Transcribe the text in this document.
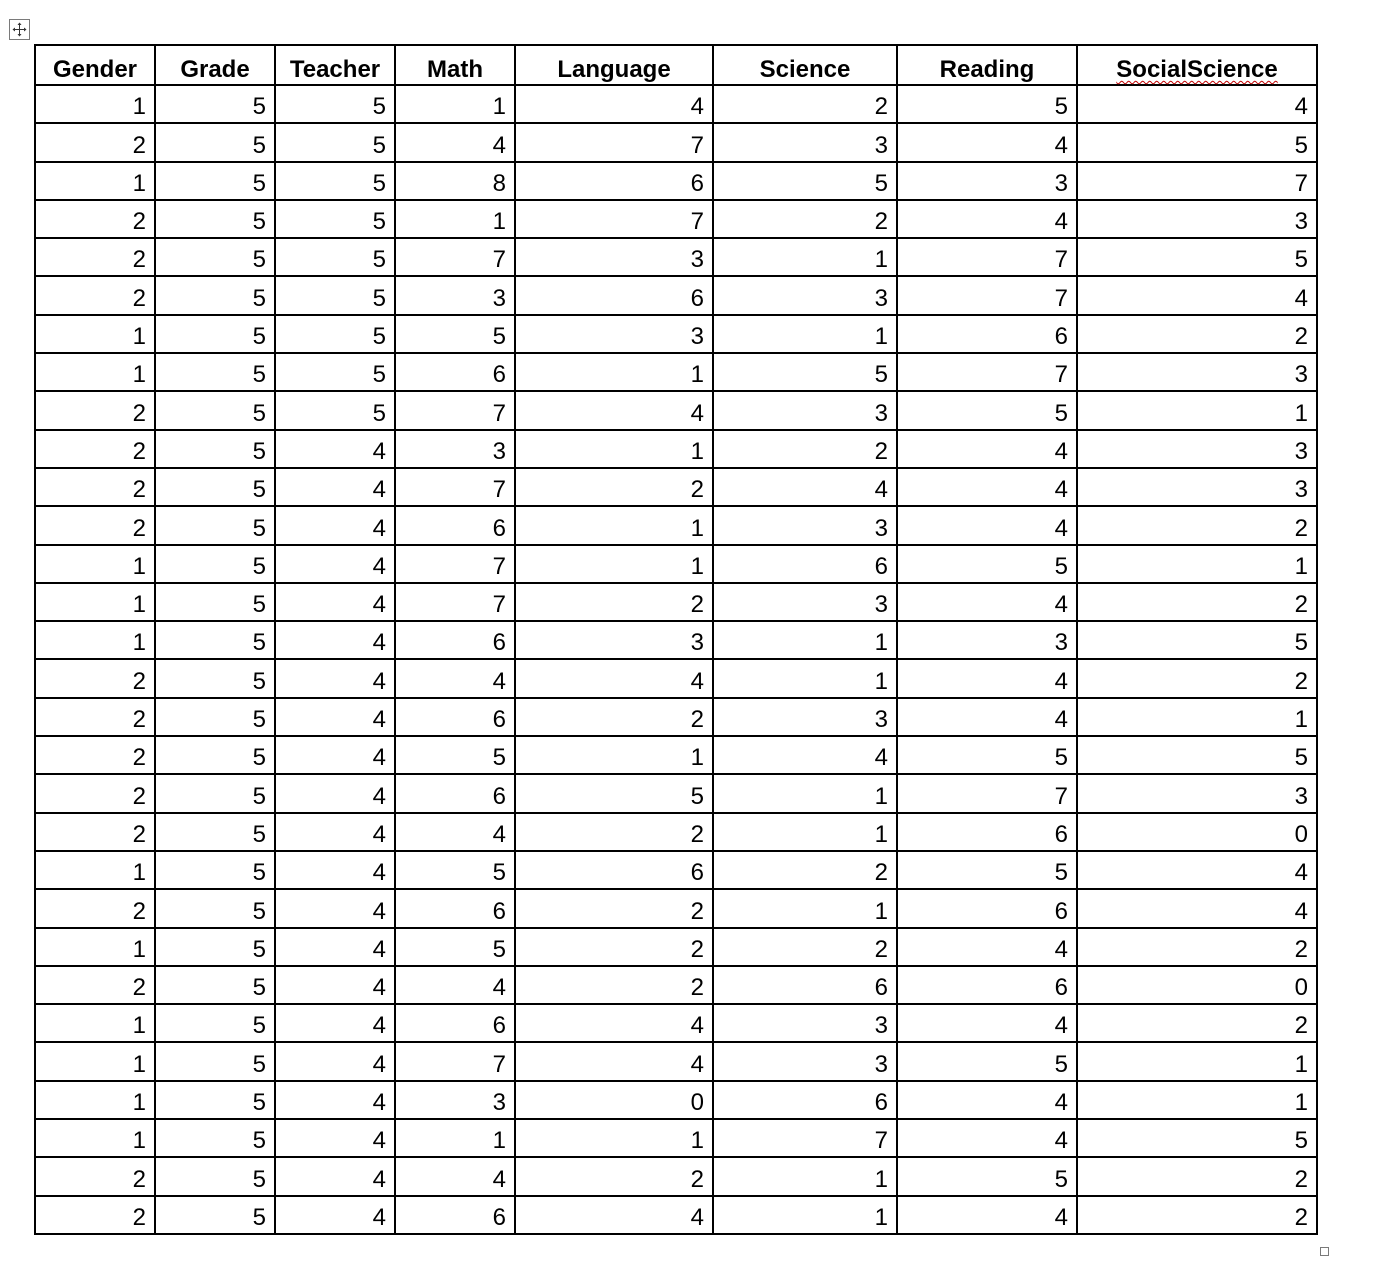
Gender	Grade	Teacher	Math	Language	Science	Reading	SocialScience
1	5	5	1	4	2	5	4
2	5	5	4	7	3	4	5
1	5	5	8	6	5	3	7
2	5	5	1	7	2	4	3
2	5	5	7	3	1	7	5
2	5	5	3	6	3	7	4
1	5	5	5	3	1	6	2
1	5	5	6	1	5	7	3
2	5	5	7	4	3	5	1
2	5	4	3	1	2	4	3
2	5	4	7	2	4	4	3
2	5	4	6	1	3	4	2
1	5	4	7	1	6	5	1
1	5	4	7	2	3	4	2
1	5	4	6	3	1	3	5
2	5	4	4	4	1	4	2
2	5	4	6	2	3	4	1
2	5	4	5	1	4	5	5
2	5	4	6	5	1	7	3
2	5	4	4	2	1	6	0
1	5	4	5	6	2	5	4
2	5	4	6	2	1	6	4
1	5	4	5	2	2	4	2
2	5	4	4	2	6	6	0
1	5	4	6	4	3	4	2
1	5	4	7	4	3	5	1
1	5	4	3	0	6	4	1
1	5	4	1	1	7	4	5
2	5	4	4	2	1	5	2
2	5	4	6	4	1	4	2
